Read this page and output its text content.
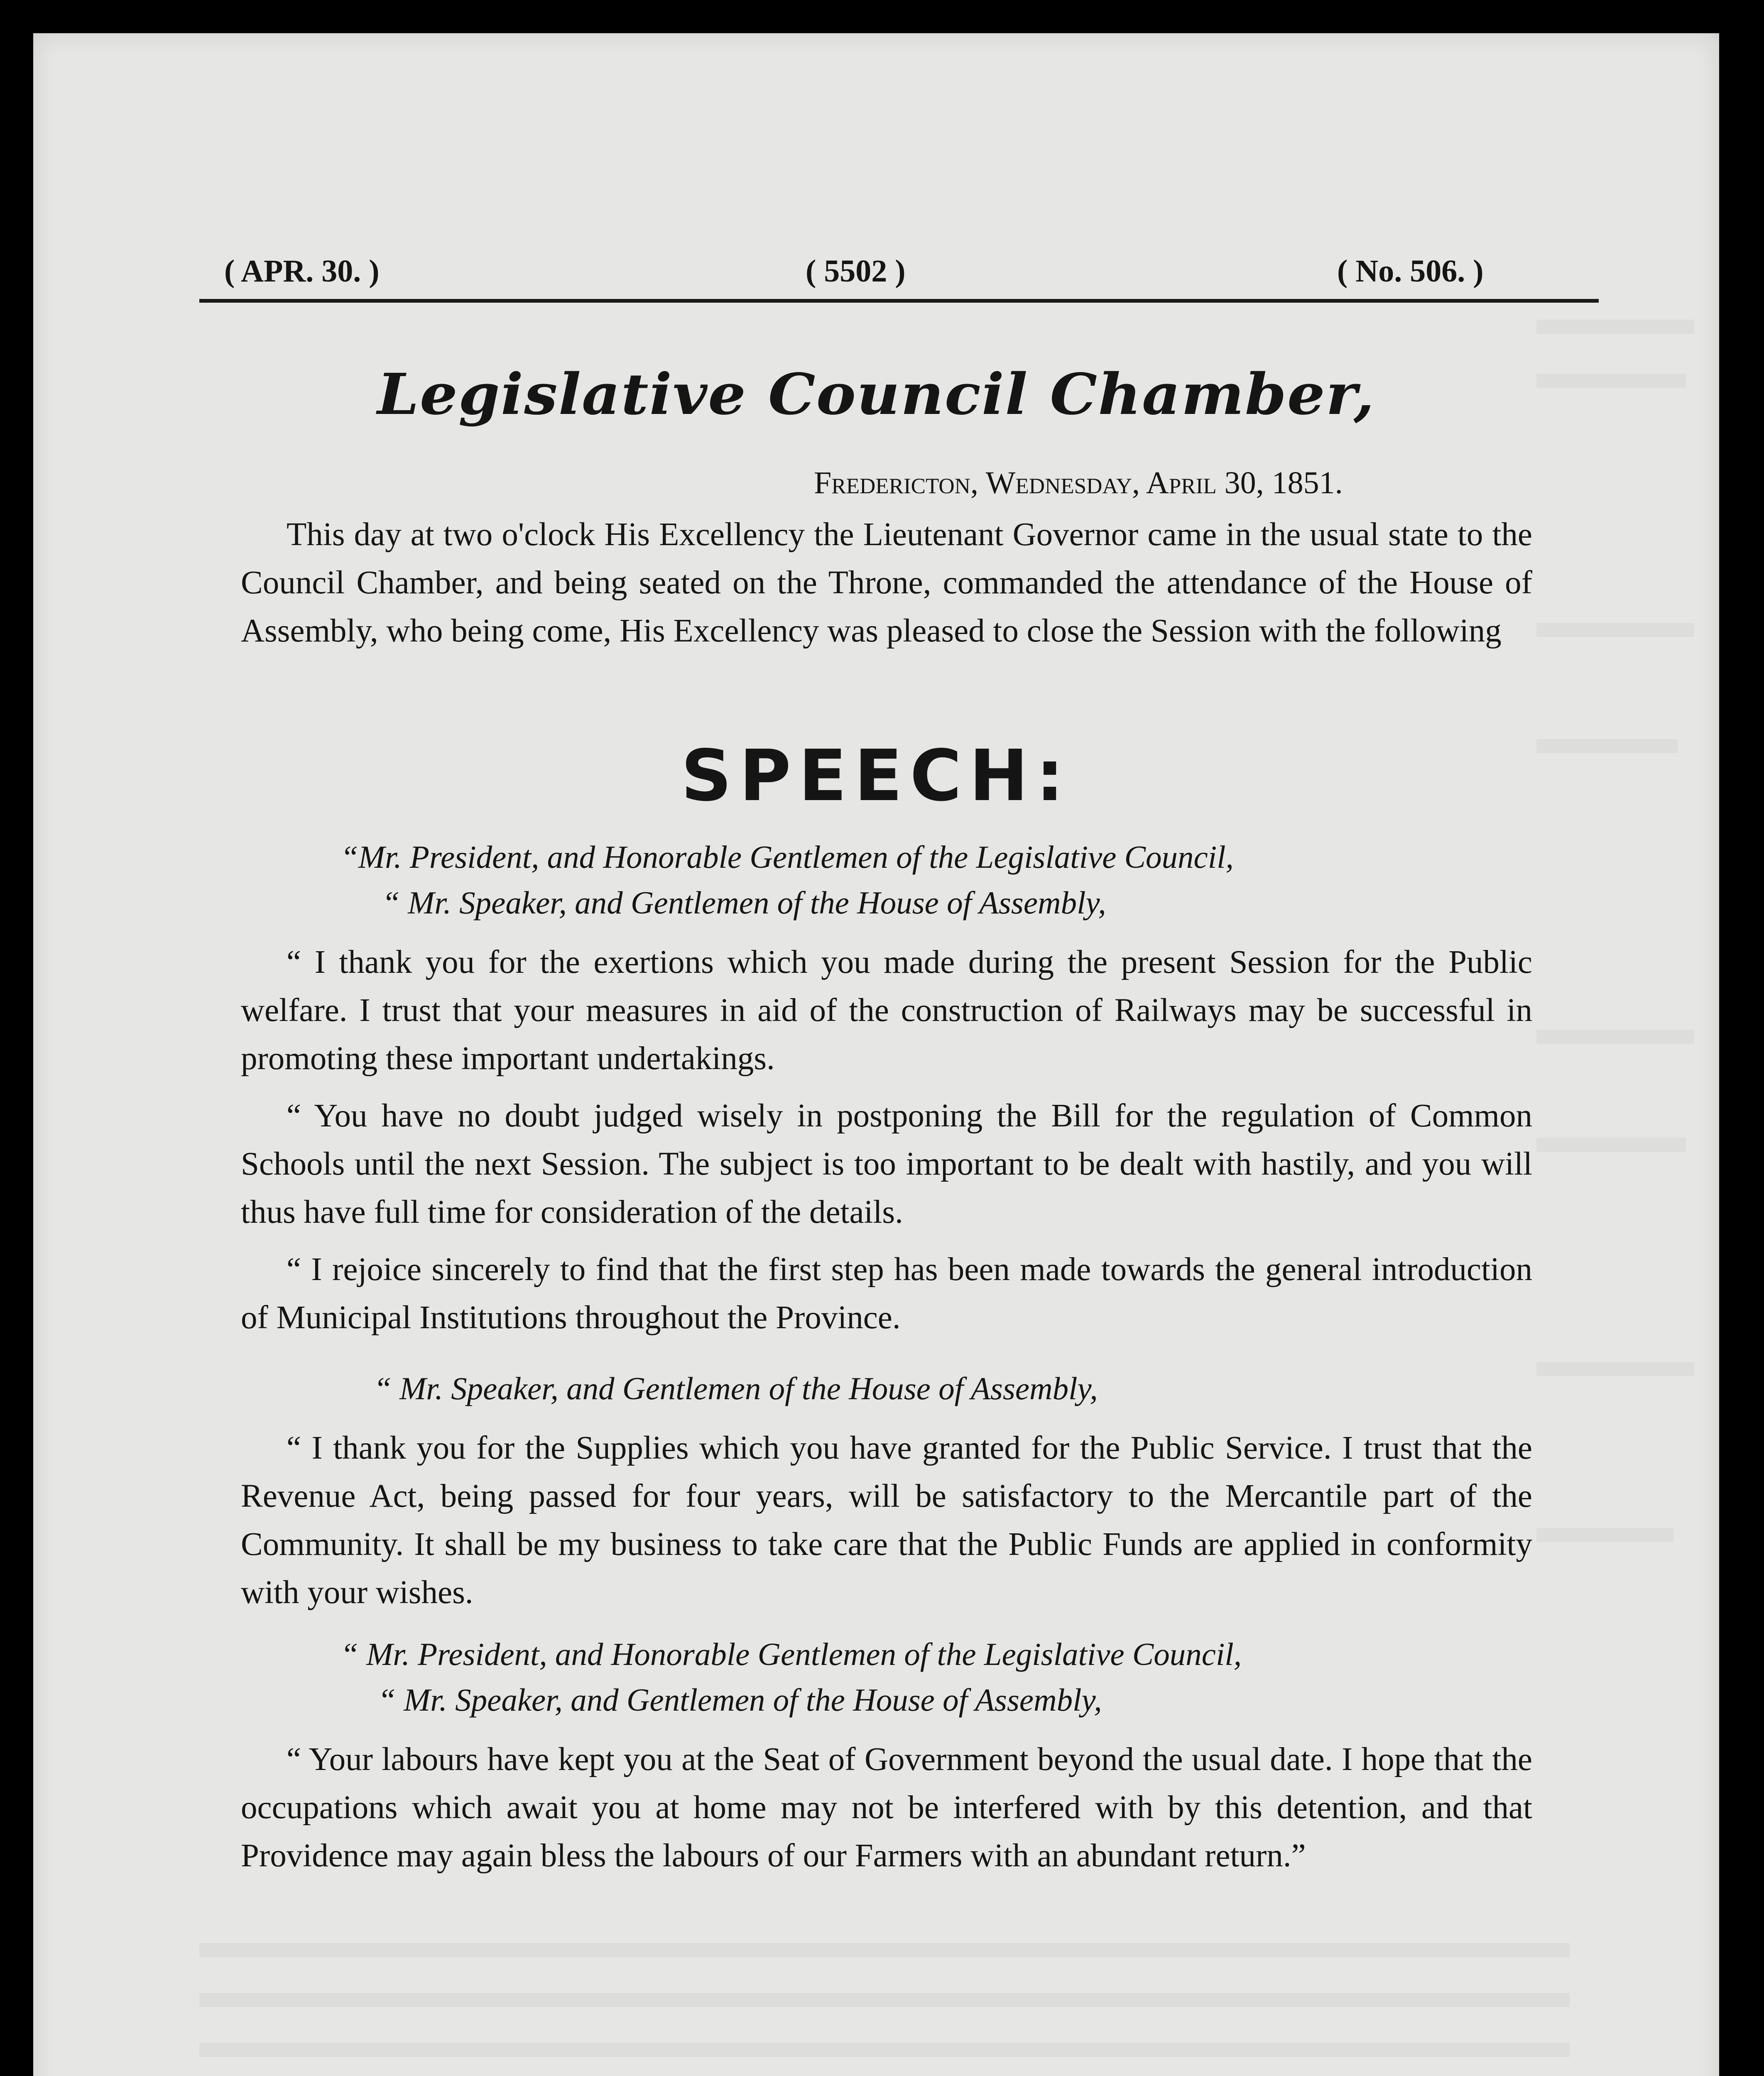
( APR. 30. )	( 5502 )	( No. 506. )
Legislative Council Chamber,
Fredericton, Wednesday, April 30, 1851.

This day at two o'clock His Excellency the Lieutenant Governor came in the usual state to the Council Chamber, and being seated on the Throne, commanded the attendance of the House of Assembly, who being come, His Excellency was pleased to close the Session with the following

SPEECH:
“Mr. President, and Honorable Gentlemen of the Legislative Council,
“ Mr. Speaker, and Gentlemen of the House of Assembly,

“ I thank you for the exertions which you made during the present Session for the Public welfare. I trust that your measures in aid of the construction of Railways may be successful in promoting these important undertakings.

“ You have no doubt judged wisely in postponing the Bill for the regulation of Common Schools until the next Session. The subject is too important to be dealt with hastily, and you will thus have full time for consideration of the details.

“ I rejoice sincerely to find that the first step has been made towards the general introduction of Municipal Institutions throughout the Province.

“ Mr. Speaker, and Gentlemen of the House of Assembly,

“ I thank you for the Supplies which you have granted for the Public Service. I trust that the Revenue Act, being passed for four years, will be satisfactory to the Mercantile part of the Community. It shall be my business to take care that the Public Funds are applied in conformity with your wishes.

“ Mr. President, and Honorable Gentlemen of the Legislative Council,
“ Mr. Speaker, and Gentlemen of the House of Assembly,

“ Your labours have kept you at the Seat of Government beyond the usual date. I hope that the occupations which await you at home may not be interfered with by this detention, and that Providence may again bless the labours of our Farmers with an abundant return.”
